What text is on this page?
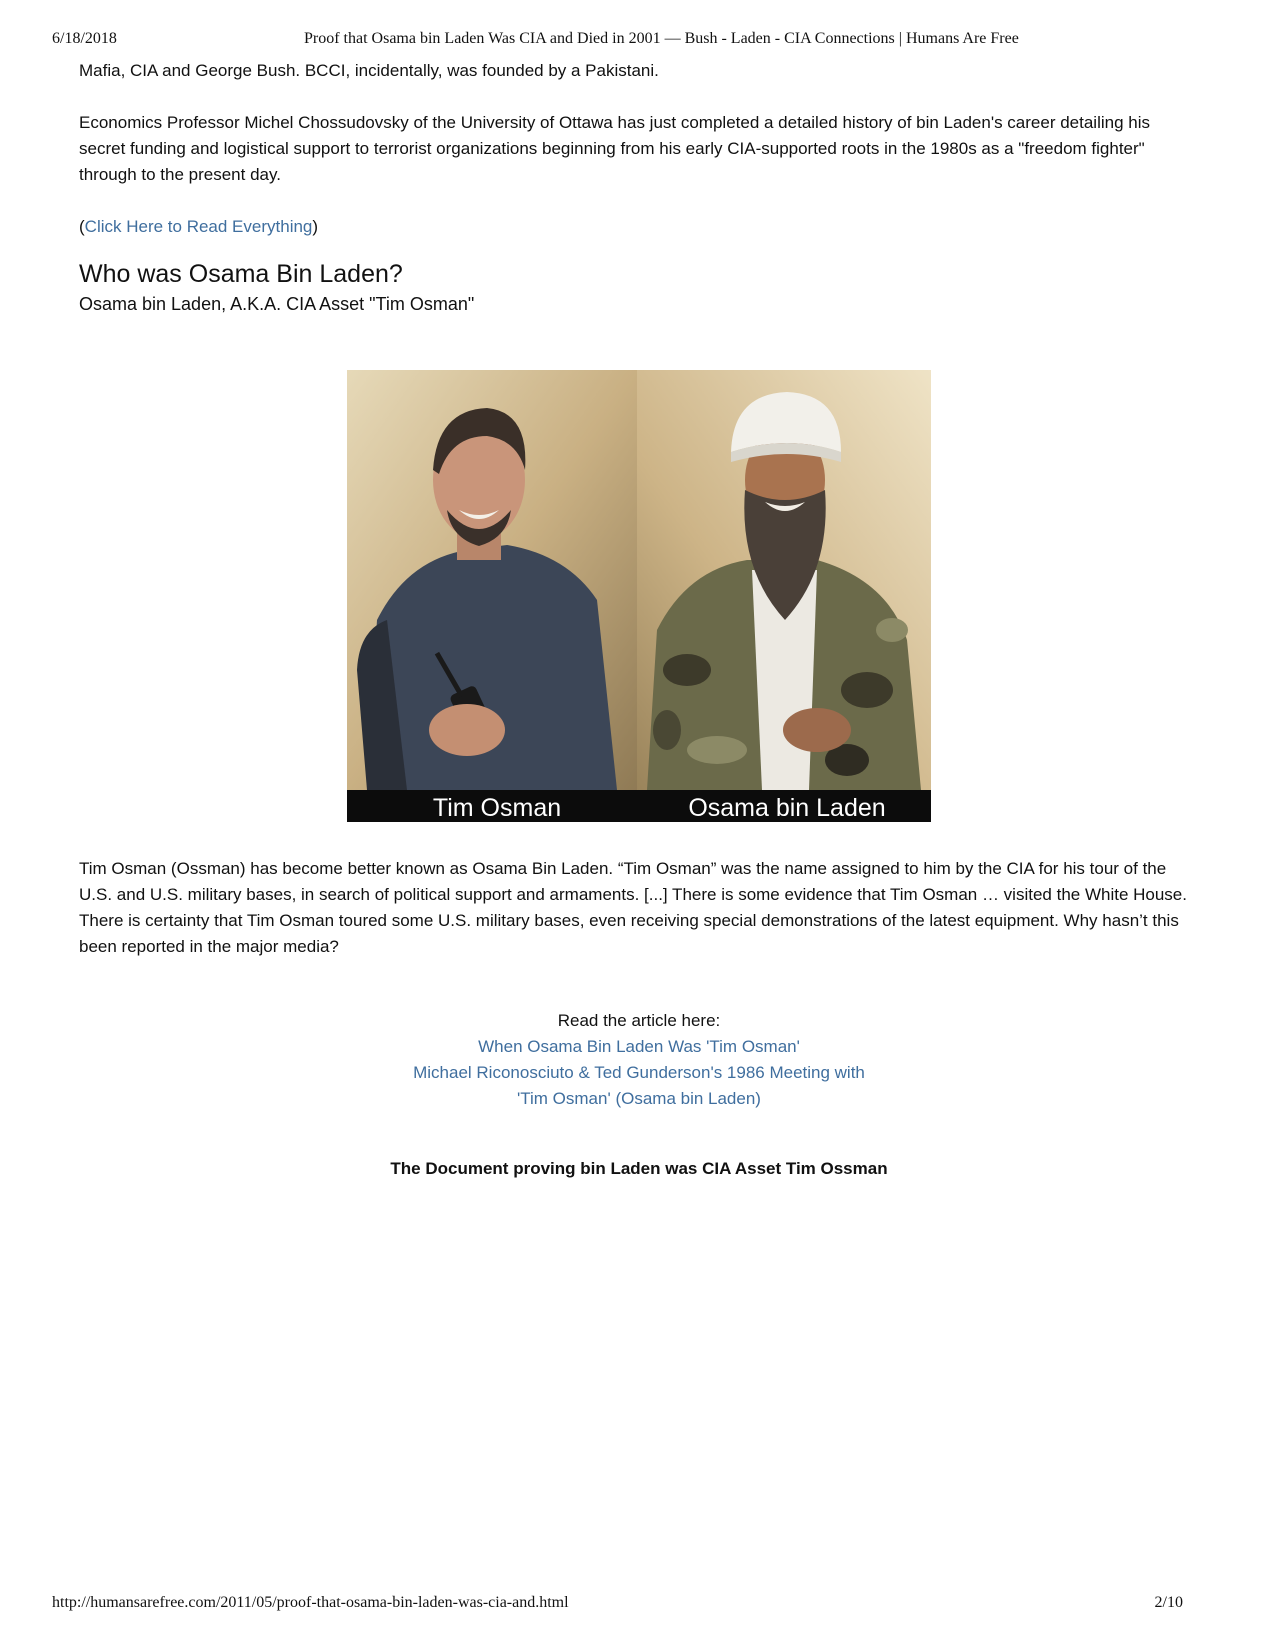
6/18/2018	Proof that Osama bin Laden Was CIA and Died in 2001 — Bush - Laden - CIA Connections | Humans Are Free

Mafia, CIA and George Bush. BCCI, incidentally, was founded by a Pakistani.

Economics Professor Michel Chossudovsky of the University of Ottawa has just completed a detailed history of bin Laden's career detailing his secret funding and logistical support to terrorist organizations beginning from his early CIA-supported roots in the 1980s as a "freedom fighter" through to the present day.

(Click Here to Read Everything)

Who was Osama Bin Laden?
Osama bin Laden, A.K.A. CIA Asset "Tim Osman"
Tim Osman	Osama bin Laden

Tim Osman (Ossman) has become better known as Osama Bin Laden. “Tim Osman” was the name assigned to him by the CIA for his tour of the U.S. and U.S. military bases, in search of political support and armaments. [...] There is some evidence that Tim Osman … visited the White House. There is certainty that Tim Osman toured some U.S. military bases, even receiving special demonstrations of the latest equipment. Why hasn’t this been reported in the major media?

Read the article here:
When Osama Bin Laden Was 'Tim Osman'
Michael Riconosciuto & Ted Gunderson's 1986 Meeting with
'Tim Osman' (Osama bin Laden)
The Document proving bin Laden was CIA Asset Tim Ossman
http://humansarefree.com/2011/05/proof-that-osama-bin-laden-was-cia-and.html	2/10
